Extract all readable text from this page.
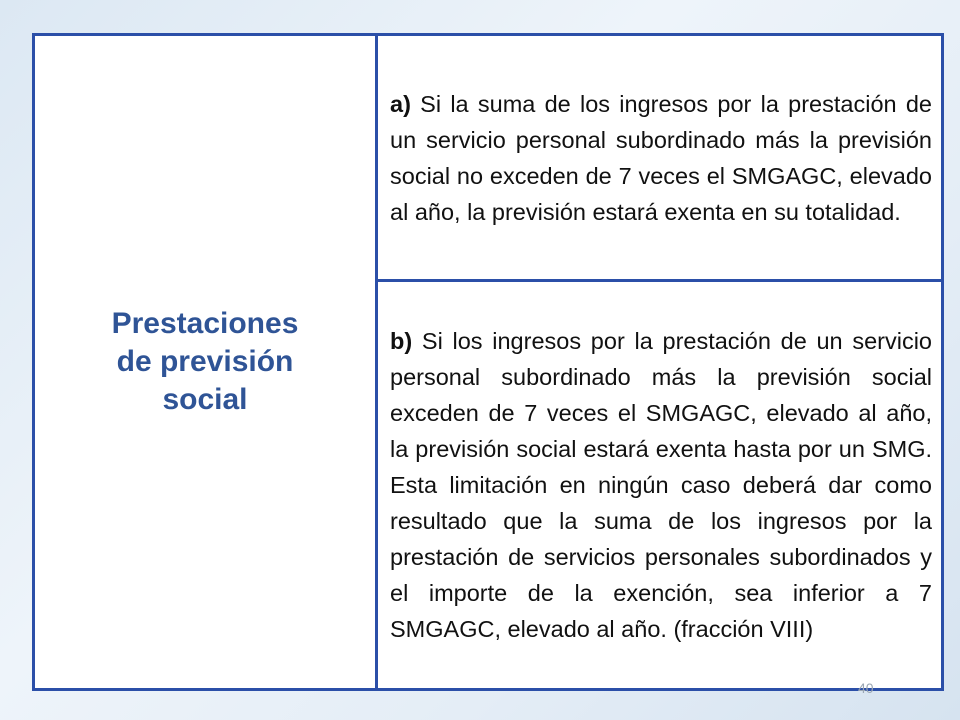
Prestaciones
de previsión
social
	a) Si la suma de los ingresos por la prestación de un servicio personal subordinado más la previsión social no exceden de 7 veces el SMGAGC, elevado al año, la previsión estará exenta en su totalidad.
b) Si los ingresos por la prestación de un servicio personal subordinado más la previsión social exceden de 7 veces el SMGAGC, elevado al año, la previsión social estará exenta hasta por un SMG. Esta limitación en ningún caso deberá dar como resultado que la suma de los ingresos por la prestación de servicios personales subordinados y el importe de la exención, sea inferior a 7 SMGAGC, elevado al año. (fracción VIII)
40
